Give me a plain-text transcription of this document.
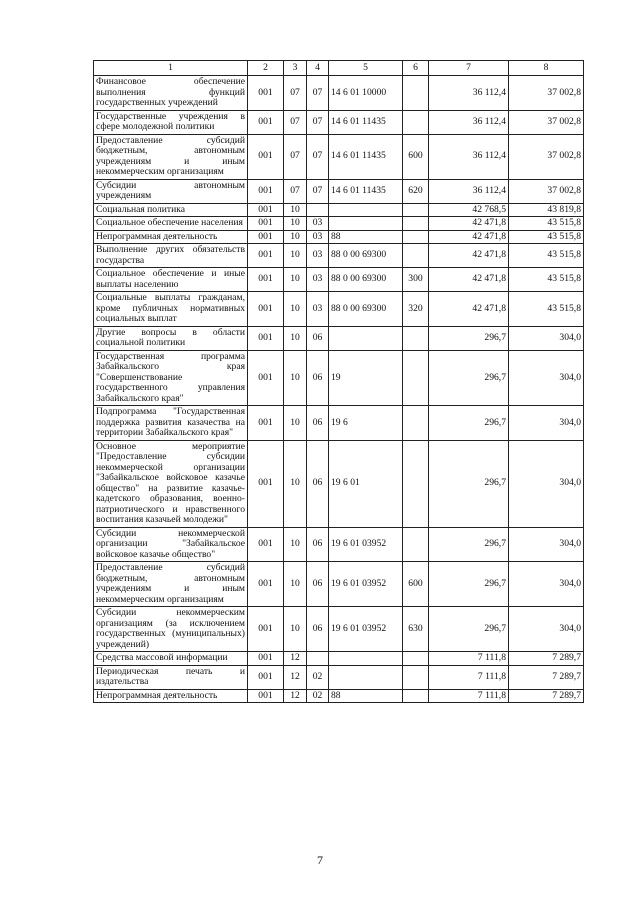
1	2	3	4	5	6	7	8
Финансовое обеспечение выполнения функций государственных учреждений	001	07	07	14 6 01 10000		36 112,4	37 002,8
Государственные учреждения в сфере молодежной политики	001	07	07	14 6 01 11435		36 112,4	37 002,8
Предоставление субсидий бюджетным, автономным учреждениям и иным некоммерческим организациям	001	07	07	14 6 01 11435	600	36 112,4	37 002,8
Субсидии автономным учреждениям	001	07	07	14 6 01 11435	620	36 112,4	37 002,8
Социальная политика	001	10				42 768,5	43 819,8
Социальное обеспечение населения	001	10	03			42 471,8	43 515,8
Непрограммная деятельность	001	10	03	88		42 471,8	43 515,8
Выполнение других обязательств государства	001	10	03	88 0 00 69300		42 471,8	43 515,8
Социальное обеспечение и иные выплаты населению	001	10	03	88 0 00 69300	300	42 471,8	43 515,8
Социальные выплаты гражданам, кроме публичных нормативных социальных выплат	001	10	03	88 0 00 69300	320	42 471,8	43 515,8
Другие вопросы в области социальной политики	001	10	06			296,7	304,0
Государственная программа Забайкальского края "Совершенствование государственного управления Забайкальского края"	001	10	06	19		296,7	304,0
Подпрограмма "Государственная поддержка развития казачества на территории Забайкальского края"	001	10	06	19 6		296,7	304,0
Основное мероприятие "Предоставление субсидии некоммерческой организации "Забайкальское войсковое казачье общество" на развитие казачье-кадетского образования, военно-патриотического и нравственного воспитания казачьей молодежи"	001	10	06	19 6 01		296,7	304,0
Субсидии некоммерческой организации "Забайкальское войсковое казачье общество"	001	10	06	19 6 01 03952		296,7	304,0
Предоставление субсидий бюджетным, автономным учреждениям и иным некоммерческим организациям	001	10	06	19 6 01 03952	600	296,7	304,0
Субсидии некоммерческим организациям (за исключением государственных (муниципальных) учреждений)	001	10	06	19 6 01 03952	630	296,7	304,0
Средства массовой информации	001	12				7 111,8	7 289,7
Периодическая печать и издательства	001	12	02			7 111,8	7 289,7
Непрограммная деятельность	001	12	02	88		7 111,8	7 289,7
7
